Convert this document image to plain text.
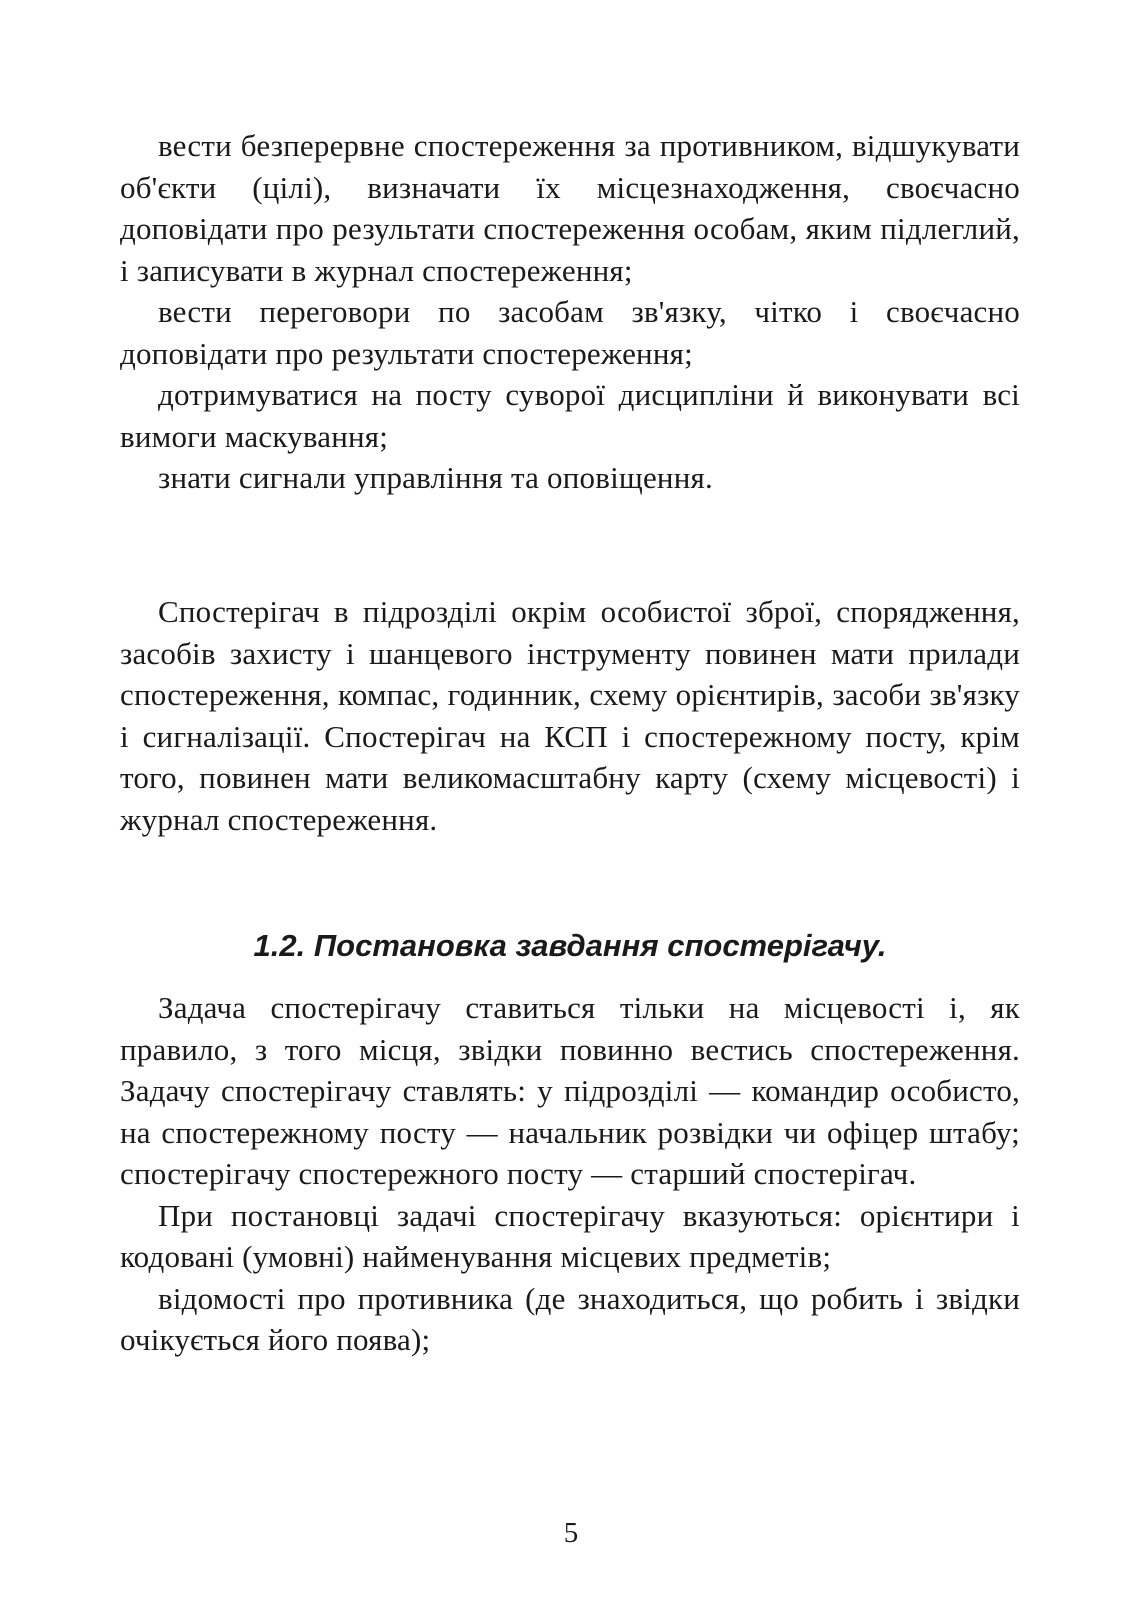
вести безперервне спостереження за противником, відшукувати об'єкти (цілі), визначати їх місцезнаходження, своєчасно доповідати про результати спостереження особам, яким підлеглий, і записувати в журнал спостереження;

вести переговори по засобам зв'язку, чітко і своєчасно доповідати про результати спостереження;

дотримуватися на посту суворої дисципліни й виконувати всі вимоги маскування;

знати сигнали управління та оповіщення.

Спостерігач в підрозділі окрім особистої зброї, спорядження, засобів захисту і шанцевого інструменту повинен мати прилади спостереження, компас, годинник, схему орієнтирів, засоби зв'язку і сигналізації. Спостерігач на КСП і спостережному посту, крім того, повинен мати великомасштабну карту (схему місцевості) і журнал спостереження.

1.2. Постановка завдання спостерігачу.

Задача спостерігачу ставиться тільки на місцевості і, як правило, з того місця, звідки повинно вестись спостереження. Задачу спостерігачу ставлять: у підрозділі — командир особисто, на спостережному посту — начальник розвідки чи офіцер штабу; спостерігачу спостережного посту — старший спостерігач.

При постановці задачі спостерігачу вказуються: орієнтири і кодовані (умовні) найменування місцевих предметів;

відомості про противника (де знаходиться, що робить і звідки очікується його поява);

5
